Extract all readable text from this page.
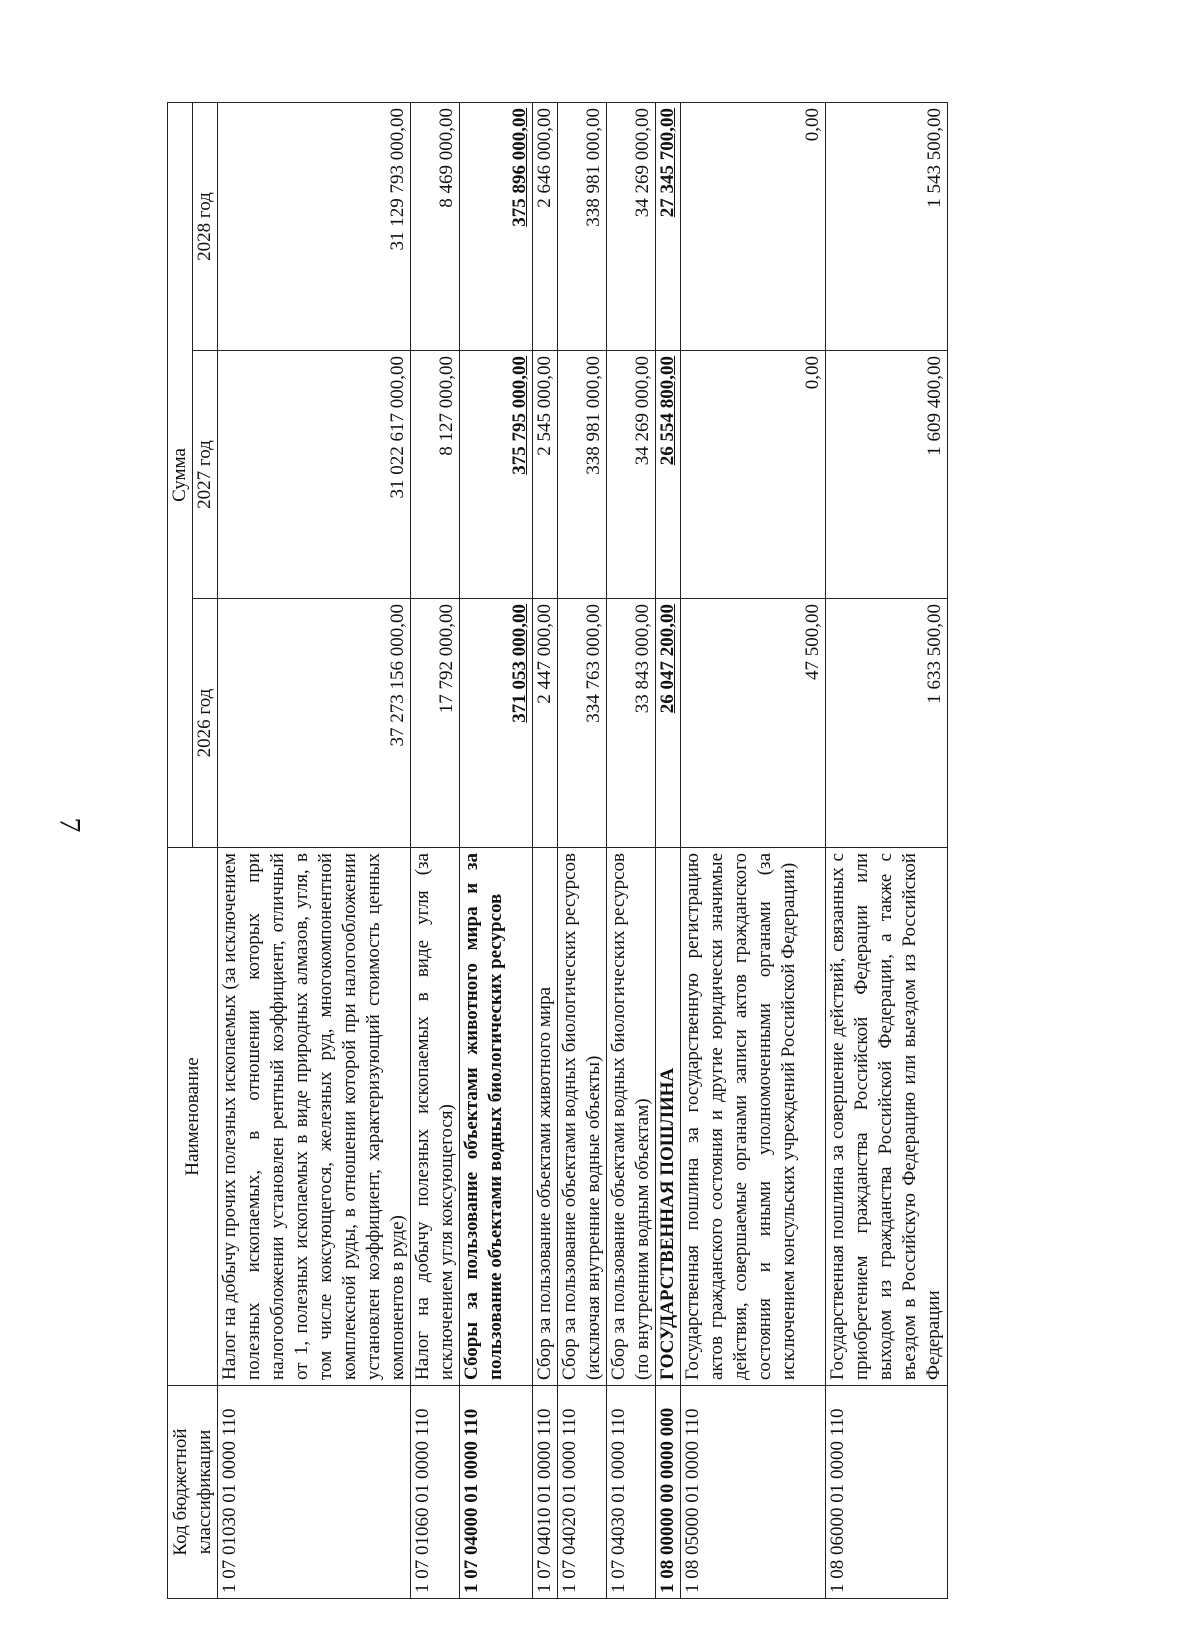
7
Код бюджетной классификации	Наименование	Сумма		
		2026 год	2027 год	2028 год
1 07 01030 01 0000 110	Налог на добычу прочих полезных ископаемых (за исключением полезных ископаемых, в отношении которых при налогообложении установлен рентный коэффициент, отличный от 1, полезных ископаемых в виде природных алмазов, угля, в том числе коксующегося, железных руд, многокомпонентной комплексной руды, в отношении которой при налогообложении установлен коэффициент, характеризующий стоимость ценных компонентов в руде)	37 273 156 000,00	31 022 617 000,00	31 129 793 000,00
1 07 01060 01 0000 110	Налог на добычу полезных ископаемых в виде угля (за исключением угля коксующегося)	17 792 000,00	8 127 000,00	8 469 000,00
1 07 04000 01 0000 110	Сборы за пользование объектами животного мира и за пользование объектами водных биологических ресурсов	371 053 000,00	375 795 000,00	375 896 000,00
1 07 04010 01 0000 110	Сбор за пользование объектами животного мира	2 447 000,00	2 545 000,00	2 646 000,00
1 07 04020 01 0000 110	Сбор за пользование объектами водных биологических ресурсов (исключая внутренние водные объекты)	334 763 000,00	338 981 000,00	338 981 000,00
1 07 04030 01 0000 110	Сбор за пользование объектами водных биологических ресурсов (по внутренним водным объектам)	33 843 000,00	34 269 000,00	34 269 000,00
1 08 00000 00 0000 000	ГОСУДАРСТВЕННАЯ ПОШЛИНА	26 047 200,00	26 554 800,00	27 345 700,00
1 08 05000 01 0000 110	Государственная пошлина за государственную регистрацию актов гражданского состояния и другие юридически значимые действия, совершаемые органами записи актов гражданского состояния и иными уполномоченными органами (за исключением консульских учреждений Российской Федерации)	47 500,00	0,00	0,00
1 08 06000 01 0000 110	Государственная пошлина за совершение действий, связанных с приобретением гражданства Российской Федерации или выходом из гражданства Российской Федерации, а также с въездом в Российскую Федерацию или выездом из Российской Федерации	1 633 500,00	1 609 400,00	1 543 500,00
